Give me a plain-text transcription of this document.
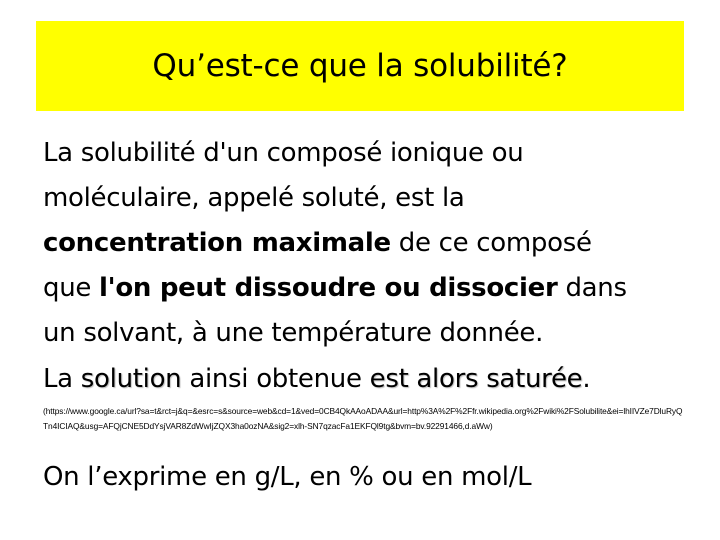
Qu’est-ce que la solubilité?
La solubilité d'un composé ionique ou
moléculaire, appelé soluté, est la
concentration maximale de ce composé
que l'on peut dissoudre ou dissocier dans
un solvant, à une température donnée.
La solution ainsi obtenue est alors saturée.
(https://www.google.ca/url?sa=t&rct=j&q=&esrc=s&source=web&cd=1&ved=0CB4QkAAoADAA&url=http%3A%2F%2Ffr.wikipedia.org%2Fwiki%2FSolubilite&ei=lhIIVZe7DluRyQTn4ICIAQ&usg=AFQjCNE5DdYsjVAR8ZdWwIjZQX3ha0ozNA&sig2=xlh-SN7qzacFa1EKFQl9tg&bvm=bv.92291466,d.aWw)
On l’exprime en g/L, en % ou en mol/L
